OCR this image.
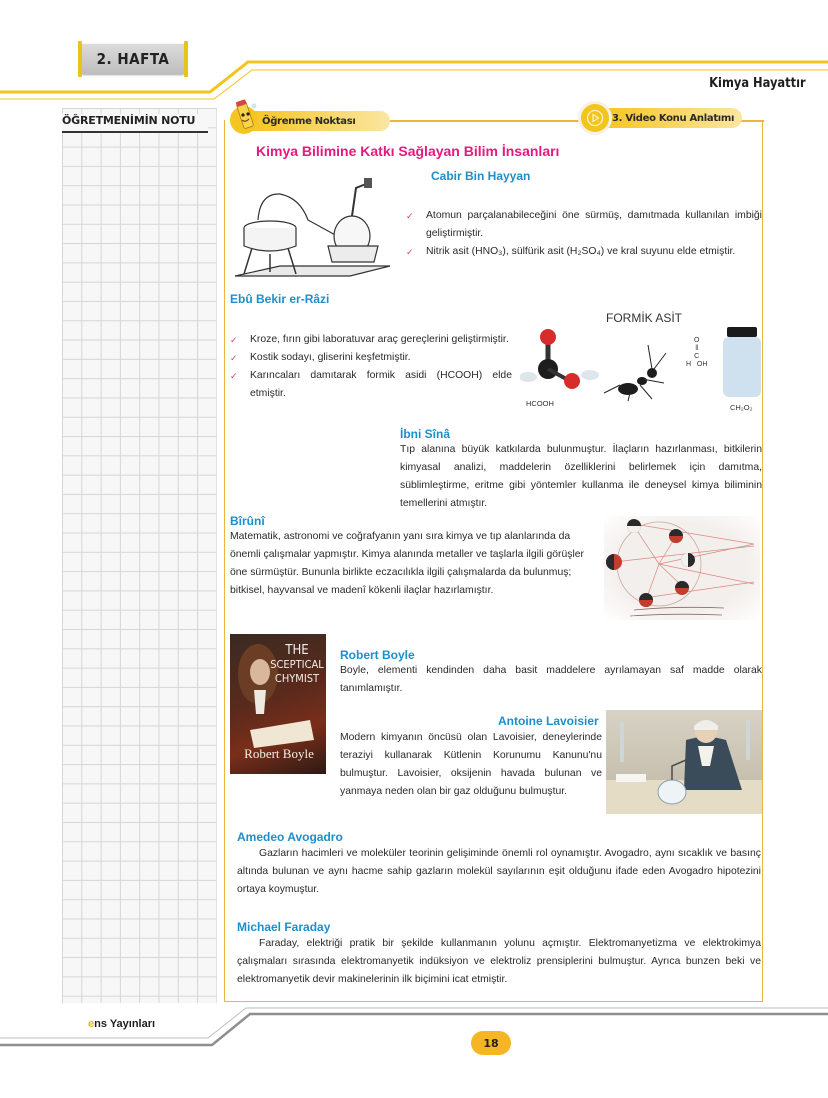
2. HAFTA
Kimya Hayattır
ÖĞRETMENİMİN NOTU	Öğrenme Noktası	3. Video Konu Anlatımı
Kimya Bilimine Katkı Sağlayan Bilim İnsanları
Cabir Bin Hayyan
✓ Atomun parçalanabileceğini öne sürmüş, damıtmada kullanılan imbiği geliştirmiştir.
✓ Nitrik asit (HNO₃), sülfürik asit (H₂SO₄) ve kral suyunu elde etmiştir.
Ebû Bekir er-Râzi
✓ Kroze, fırın gibi laboratuvar araç gereçlerini geliştirmiştir.
✓ Kostik sodayı, gliserini keşfetmiştir.
✓ Karıncaları damıtarak formik asidi (HCOOH) elde etmiştir.
FORMİK ASİT
O
‖
C
H OH
HCOOH	CH₂O₂
İbni Sînâ

Tıp alanına büyük katkılarda bulunmuştur. İlaçların hazırlanması, bitkilerin kimyasal analizi, maddelerin özelliklerini belirlemek için damıtma, süblimleştirme, eritme gibi yöntemler kullanma ile deneysel kimya biliminin temellerini atmıştır.

Bîrûnî

Matematik, astronomi ve coğrafyanın yanı sıra kimya ve tıp alanlarında da önemli çalışmalar yapmıştır. Kimya alanında metaller ve taşlarla ilgili görüşler öne sürmüştür. Bununla birlikte eczacılıkla ilgili çalışmalarda da bulunmuş; bitkisel, hayvansal ve madenî kökenli ilaçlar hazırlamıştır.

THE
SCEPTICAL
CHYMIST
Robert Boyle
Robert Boyle

Boyle, elementi kendinden daha basit maddelere ayrılamayan saf madde olarak tanımlamıştır.

Antoine Lavoisier

Modern kimyanın öncüsü olan Lavoisier, deneylerinde teraziyi kullanarak Kütlenin Korunumu Kanunu'nu bulmuştur. Lavoisier, oksijenin havada bulunan ve yanmaya neden olan bir gaz olduğunu bulmuştur.

Amedeo Avogadro

Gazların hacimleri ve moleküler teorinin gelişiminde önemli rol oynamıştır. Avogadro, aynı sıcaklık ve basınç altında bulunan ve aynı hacme sahip gazların molekül sayılarının eşit olduğunu ifade eden Avogadro hipotezini ortaya koymuştur.

Michael Faraday

Faraday, elektriği pratik bir şekilde kullanmanın yolunu açmıştır. Elektromanyetizma ve elektrokimya çalışmaları sırasında elektromanyetik indüksiyon ve elektroliz prensiplerini bulmuştur. Ayrıca bunzen beki ve elektromanyetik devir makinelerinin ilk biçimini icat etmiştir.

ens Yayınları
18
